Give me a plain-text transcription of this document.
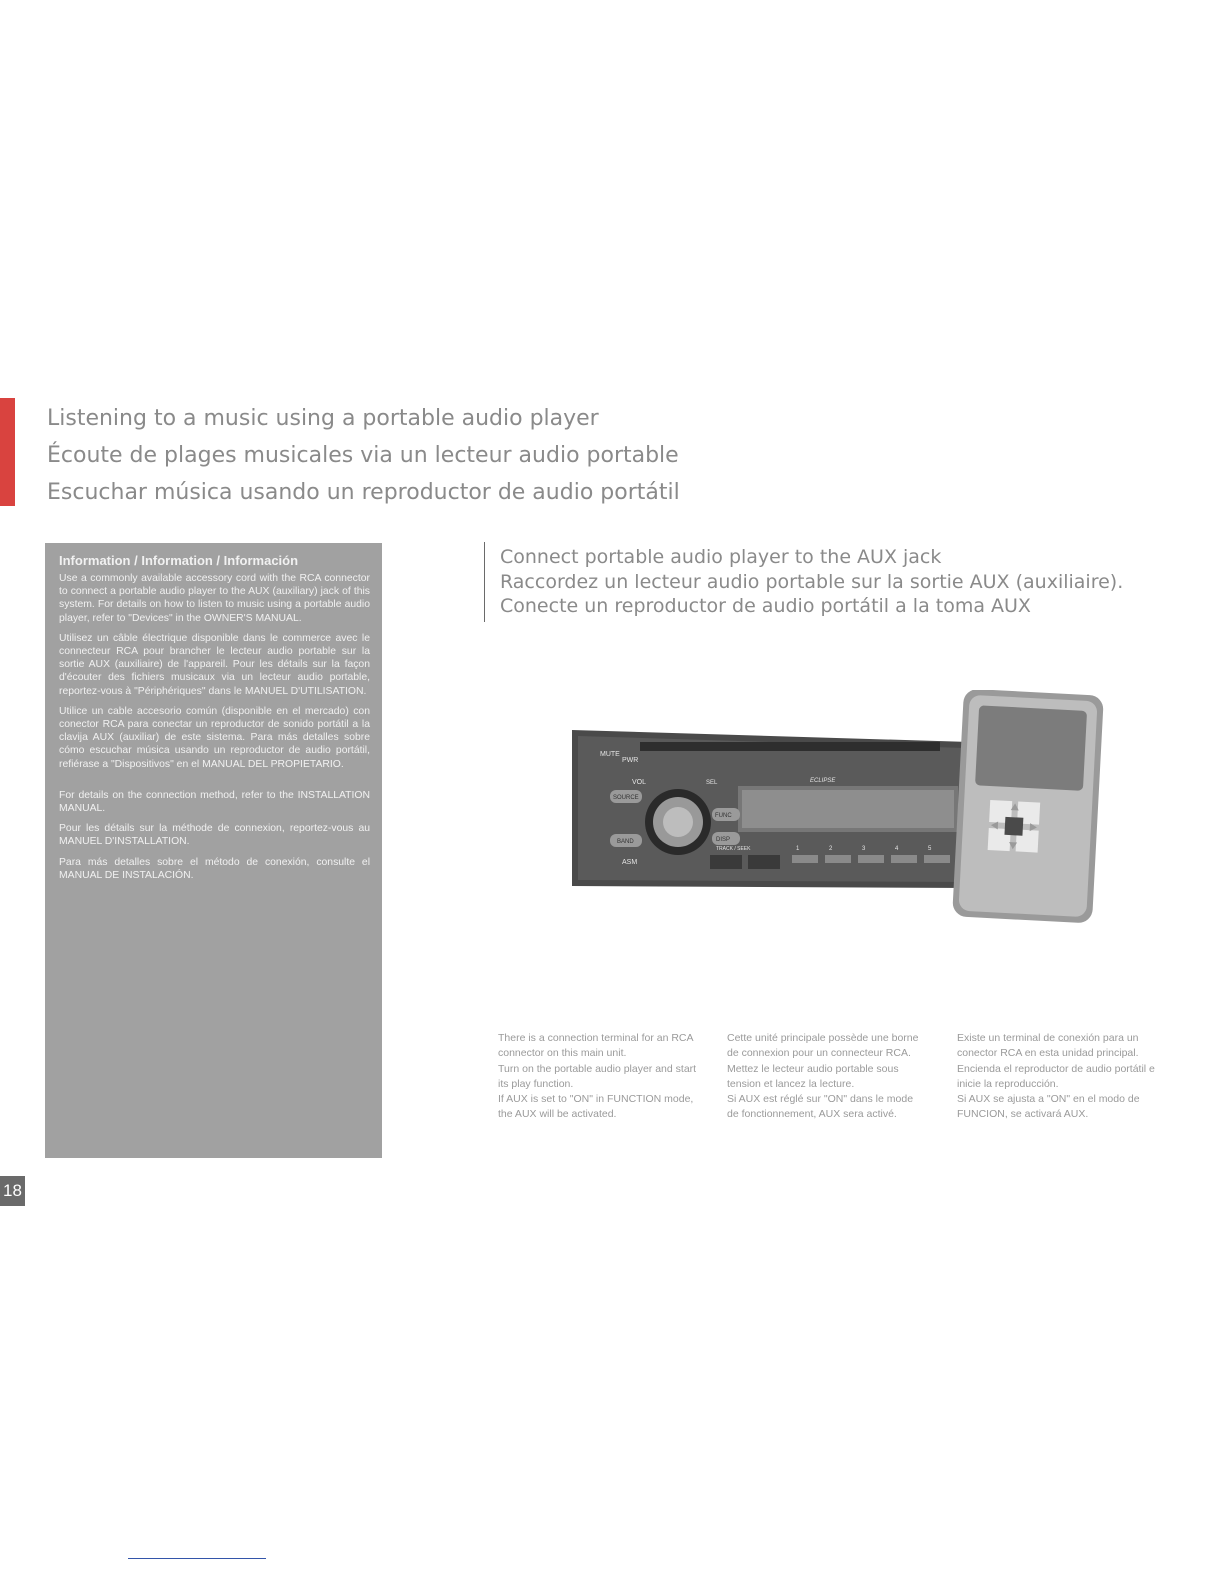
Listening to a music using a portable audio player
Écoute de plages musicales via un lecteur audio portable
Escuchar música usando un reproductor de audio portátil
Information / Information / Información

Use a commonly available accessory cord with the RCA connector to connect a portable audio player to the AUX (auxiliary) jack of this system. For details on how to listen to music using a portable audio player, refer to "Devices" in the OWNER'S MANUAL.

Utilisez un câble électrique disponible dans le commerce avec le connecteur RCA pour brancher le lecteur audio portable sur la sortie AUX (auxiliaire) de l'appareil. Pour les détails sur la façon d'écouter des fichiers musicaux via un lecteur audio portable, reportez-vous à "Périphériques" dans le MANUEL D'UTILISATION.

Utilice un cable accesorio común (disponible en el mercado) con conector RCA para conectar un reproductor de sonido portátil a la clavija AUX (auxiliar) de este sistema. Para más detalles sobre cómo escuchar música usando un reproductor de audio portátil, refiérase a "Dispositivos" en el MANUAL DEL PROPIETARIO.

For details on the connection method, refer to the INSTALLATION MANUAL.

Pour les détails sur la méthode de connexion, reportez-vous au MANUEL D'INSTALLATION.

Para más detalles sobre el método de conexión, consulte el MANUAL DE INSTALACIÓN.

Connect portable audio player to the AUX jack
Raccordez un lecteur audio portable sur la sortie AUX (auxiliaire).
Conecte un reproductor de audio portátil a la toma AUX
MUTE
PWR
VOL	SEL
SOURCE
BAND
ASM
FUNC
DISP
ECLIPSE
TRACK / SEEK	1	2	3	4	5

There is a connection terminal for an RCA connector on this main unit.

Turn on the portable audio player and start its play function.

If AUX is set to "ON" in FUNCTION mode, the AUX will be activated.

Cette unité principale possède une borne de connexion pour un connecteur RCA.

Mettez le lecteur audio portable sous tension et lancez la lecture.

Si AUX est réglé sur "ON" dans le mode de fonctionnement, AUX sera activé.

Existe un terminal de conexión para un conector RCA en esta unidad principal.

Encienda el reproductor de audio portátil e inicie la reproducción.

Si AUX se ajusta a "ON" en el modo de FUNCION, se activará AUX.

18
